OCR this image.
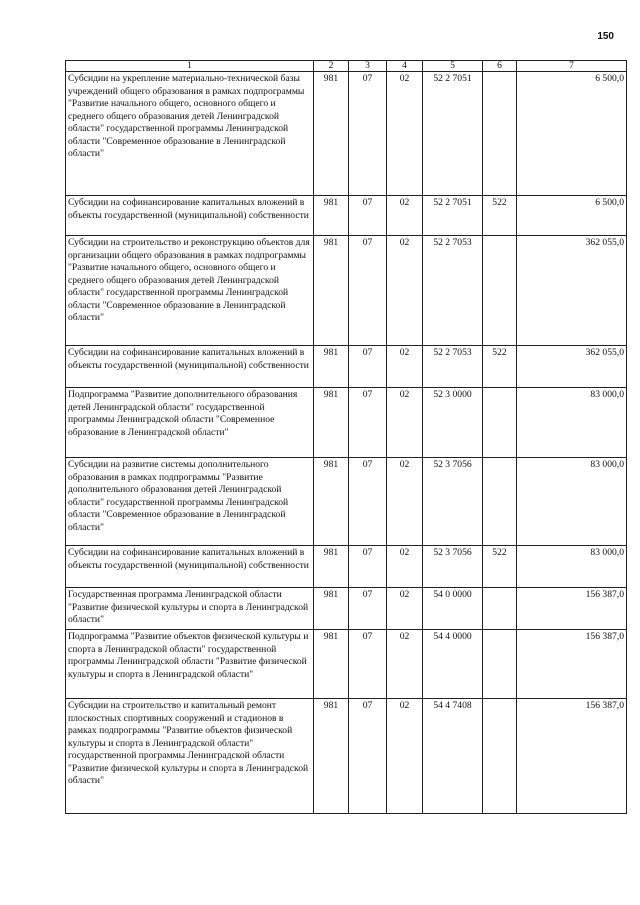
150
1	2	3	4	5	6	7
Субсидии на укрепление материально-технической базы учреждений общего образования в рамках подпрограммы "Развитие начального общего, основного общего и среднего общего образования детей Ленинградской области" государственной программы Ленинградской области "Современное образование в Ленинградской области"	981	07	02	52 2 7051		6 500,0
Субсидии на софинансирование капитальных вложений в объекты государственной (муниципальной) собственности	981	07	02	52 2 7051	522	6 500,0
Субсидии на строительство и реконструкцию объектов для организации общего образования в рамках подпрограммы "Развитие начального общего, основного общего и среднего общего образования детей Ленинградской области" государственной программы Ленинградской области "Современное образование в Ленинградской области"	981	07	02	52 2 7053		362 055,0
Субсидии на софинансирование капитальных вложений в объекты государственной (муниципальной) собственности	981	07	02	52 2 7053	522	362 055,0
Подпрограмма "Развитие дополнительного образования детей Ленинградской области" государственной программы Ленинградской области "Современное образование в Ленинградской области"	981	07	02	52 3 0000		83 000,0
Субсидии на развитие системы дополнительного образования в рамках подпрограммы "Развитие дополнительного образования детей Ленинградской области" государственной программы Ленинградской области "Современное образование в Ленинградской области"	981	07	02	52 3 7056		83 000,0
Субсидии на софинансирование капитальных вложений в объекты государственной (муниципальной) собственности	981	07	02	52 3 7056	522	83 000,0
Государственная программа Ленинградской области "Развитие физической культуры и спорта в Ленинградской области"	981	07	02	54 0 0000		156 387,0
Подпрограмма "Развитие объектов физической культуры и спорта в Ленинградской области" государственной программы Ленинградской области "Развитие физической культуры и спорта в Ленинградской области"	981	07	02	54 4 0000		156 387,0
Субсидии на строительство и капитальный ремонт плоскостных спортивных сооружений и стадионов в рамках подпрограммы "Развитие объектов физической культуры и спорта в Ленинградской области" государственной программы Ленинградской области "Развитие физической культуры и спорта в Ленинградской области"	981	07	02	54 4 7408		156 387,0
